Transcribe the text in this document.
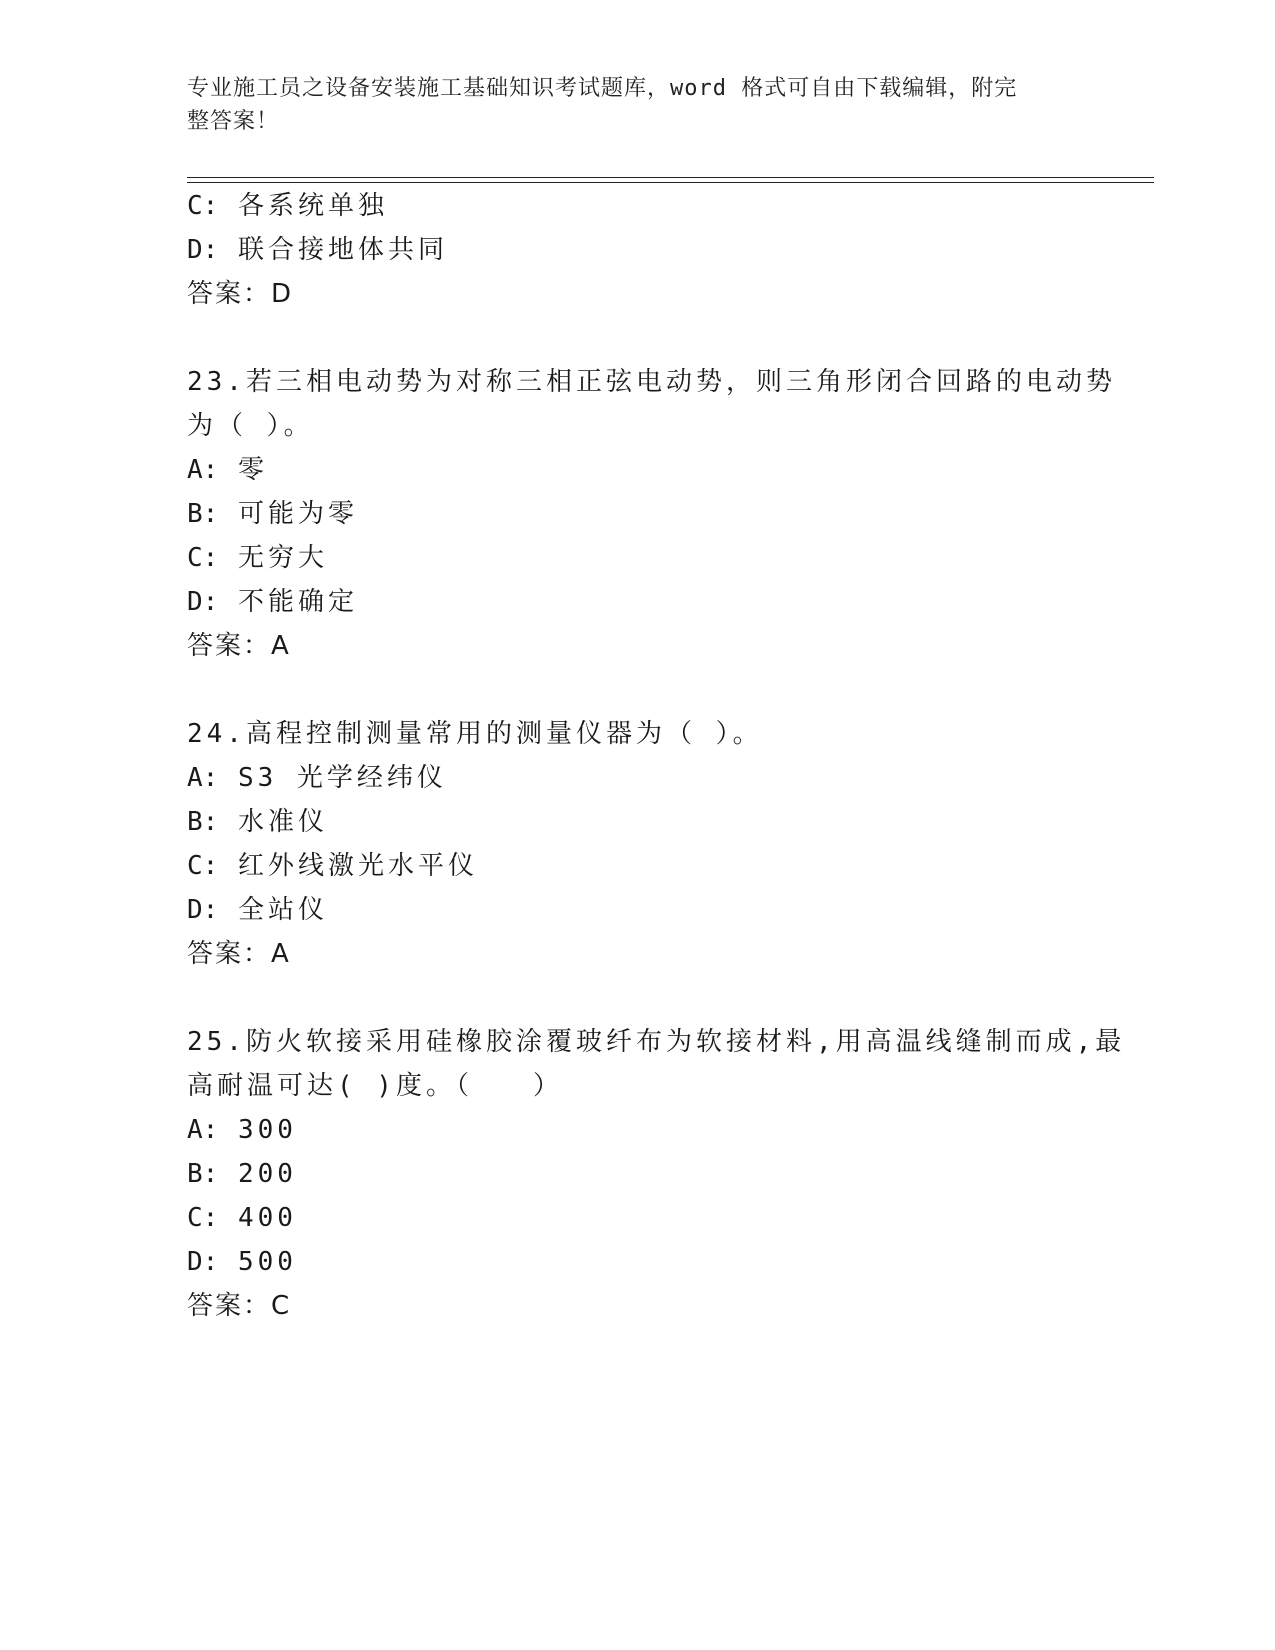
专业施工员之设备安装施工基础知识考试题库，word 格式可自由下载编辑，附完
整答案！
C: 各系统单独
D: 联合接地体共同
答案：D
23.若三相电动势为对称三相正弦电动势，则三角形闭合回路的电动势
为（ ）。
A: 零
B: 可能为零
C: 无穷大
D: 不能确定
答案：A
24.高程控制测量常用的测量仪器为（ ）。
A: S3 光学经纬仪
B: 水准仪
C: 红外线激光水平仪
D: 全站仪
答案：A
25.防火软接采用硅橡胶涂覆玻纤布为软接材料,用高温线缝制而成,最
高耐温可达( )度。（　　）
A: 300
B: 200
C: 400
D: 500
答案：C
